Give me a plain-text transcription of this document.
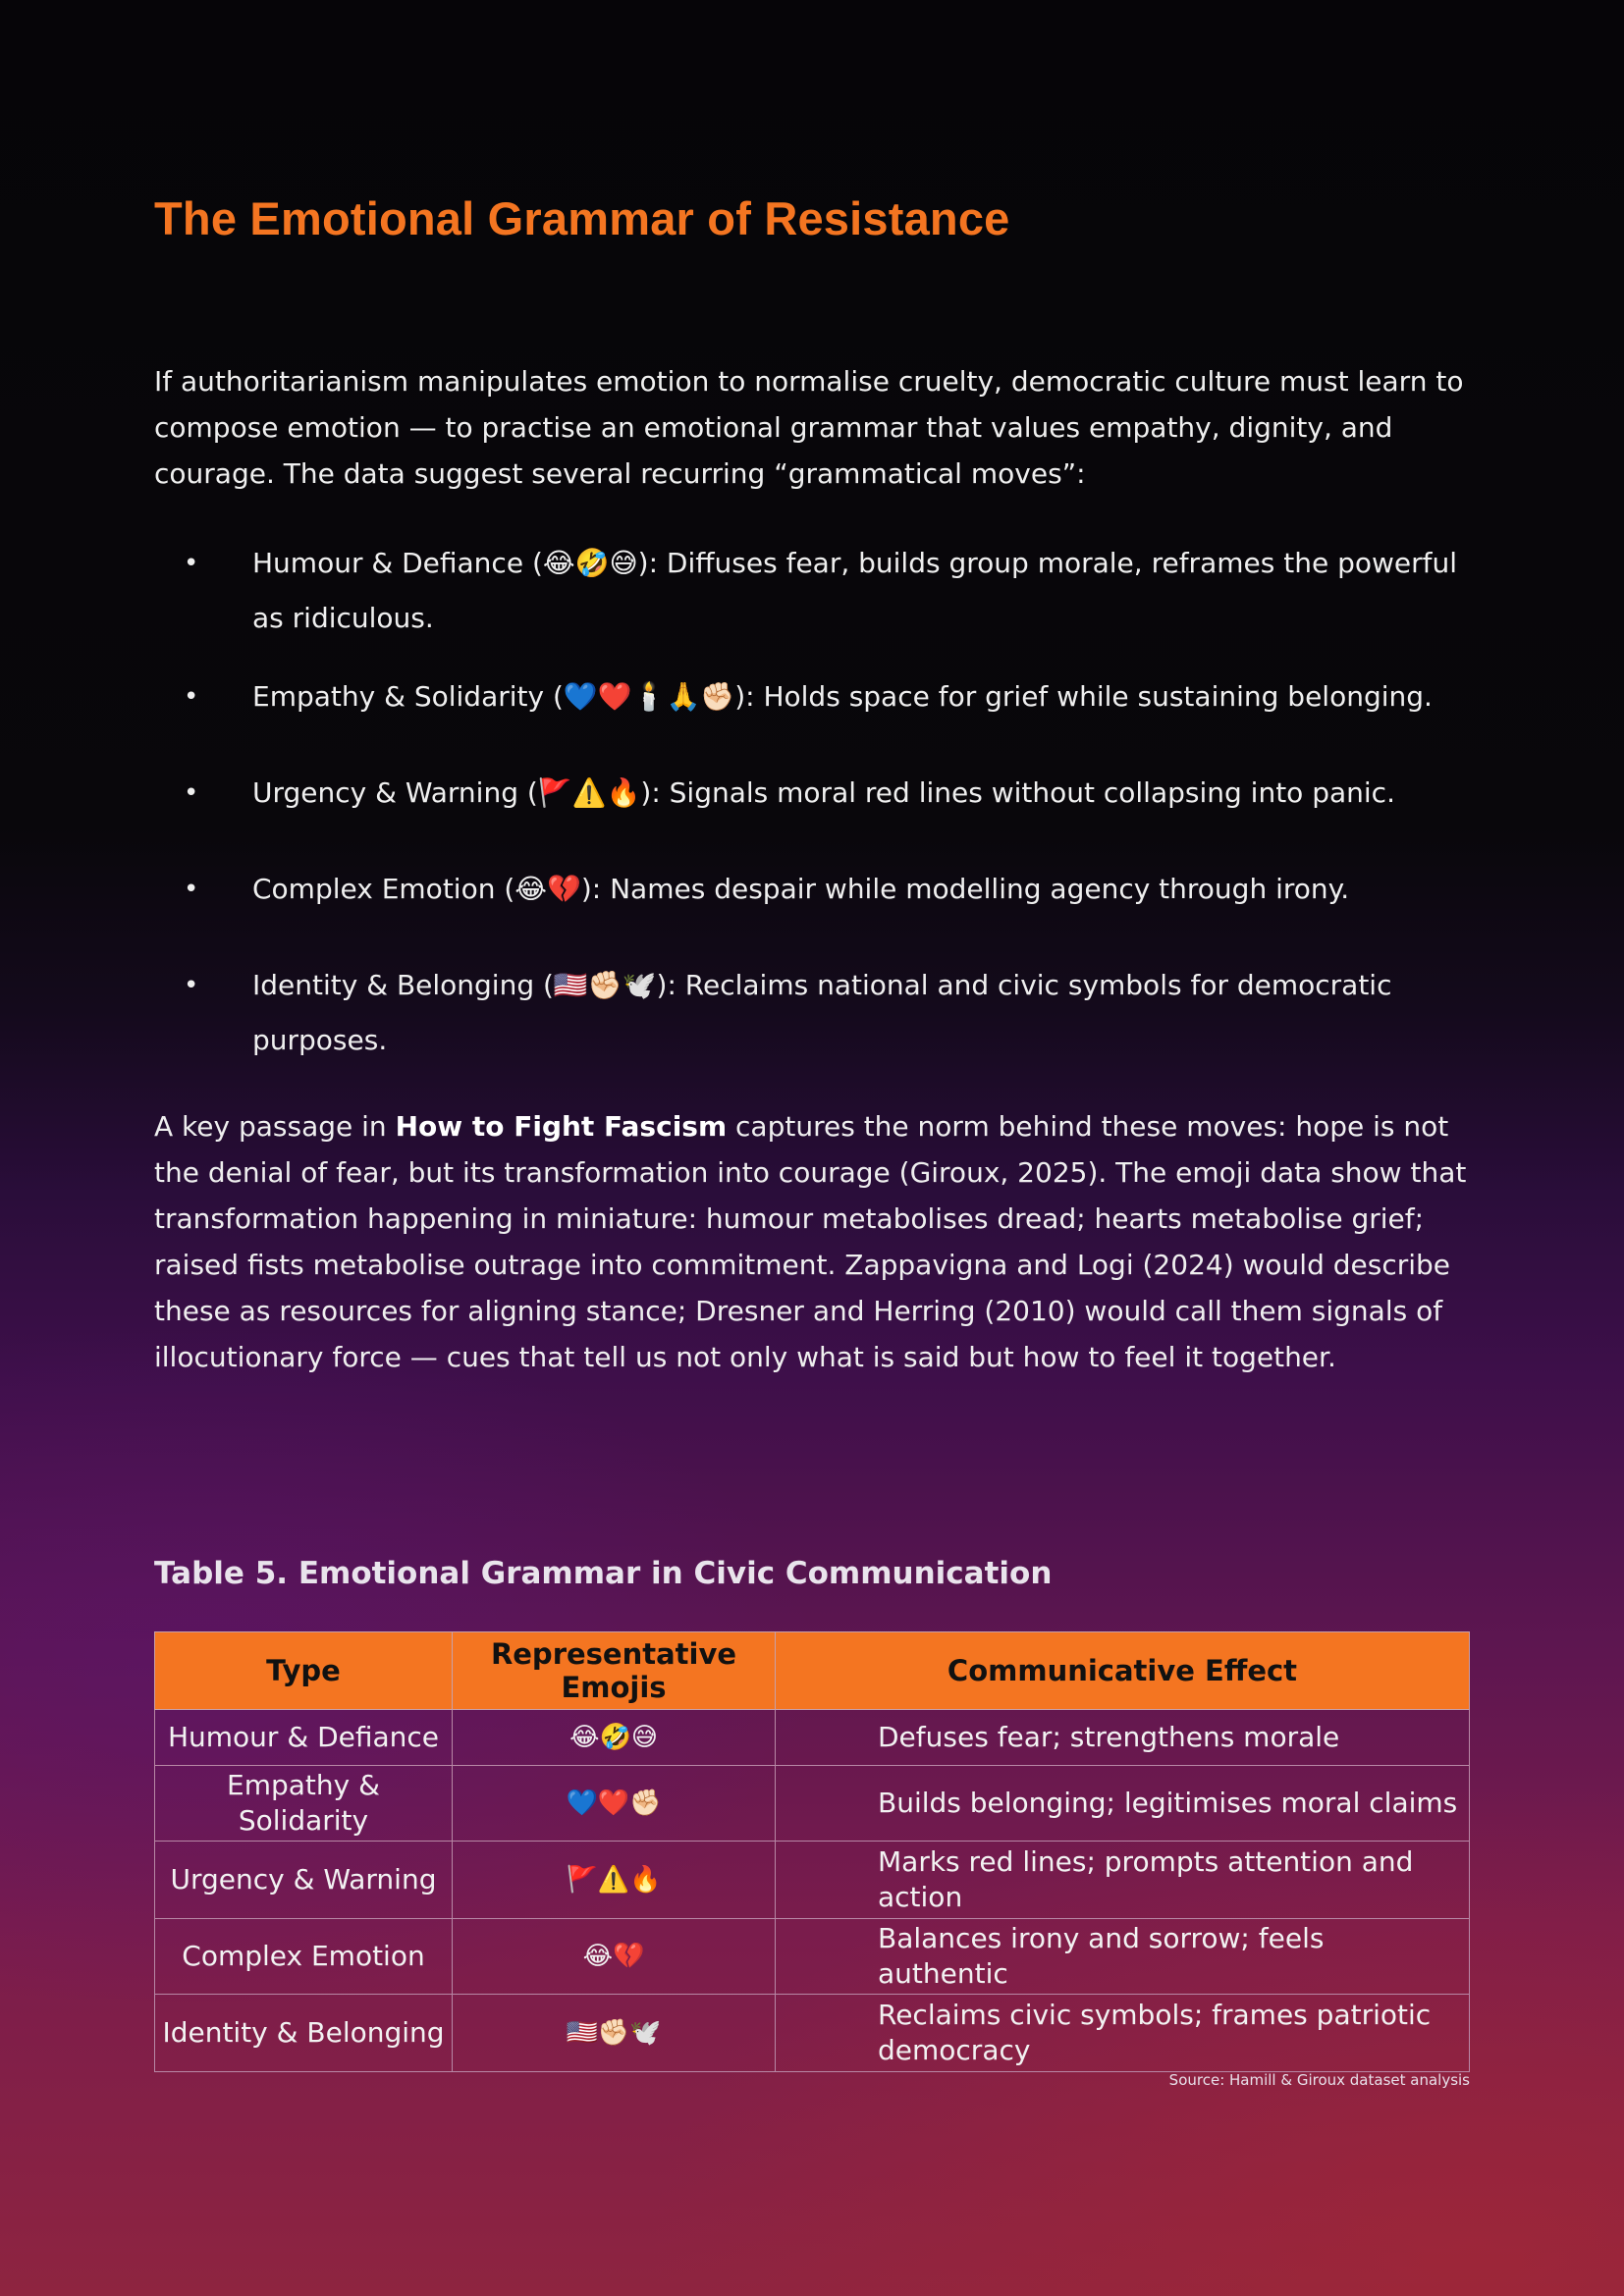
The Emotional Grammar of Resistance

If authoritarianism manipulates emotion to normalise cruelty, democratic culture must learn to compose emotion — to practise an emotional grammar that values empathy, dignity, and courage. The data suggest several recurring “grammatical moves”:

• Humour & Defiance (😂🤣😅): Diffuses fear, builds group morale, reframes the powerful as ridiculous.
• Empathy & Solidarity (💙❤️🕯️🙏✊🏻): Holds space for grief while sustaining belonging.
• Urgency & Warning (🚩⚠️🔥): Signals moral red lines without collapsing into panic.
• Complex Emotion (😂💔): Names despair while modelling agency through irony.
• Identity & Belonging (🇺🇸✊🏻🕊️): Reclaims national and civic symbols for democratic purposes.

A key passage in How to Fight Fascism captures the norm behind these moves: hope is not the denial of fear, but its transformation into courage (Giroux, 2025). The emoji data show that transformation happening in miniature: humour metabolises dread; hearts metabolise grief; raised fists metabolise outrage into commitment. Zappavigna and Logi (2024) would describe these as resources for aligning stance; Dresner and Herring (2010) would call them signals of illocutionary force — cues that tell us not only what is said but how to feel it together.

Table 5. Emotional Grammar in Civic Communication
Type	Representative Emojis	Communicative Effect
Humour & Defiance	😂🤣😅	Defuses fear; strengthens morale
Empathy & Solidarity	💙❤️✊🏻	Builds belonging; legitimises moral claims
Urgency & Warning	🚩⚠️🔥	Marks red lines; prompts attention and action
Complex Emotion	😂💔	Balances irony and sorrow; feels authentic
Identity & Belonging	🇺🇸✊🏻🕊️	Reclaims civic symbols; frames patriotic democracy

Source: Hamill & Giroux dataset analysis
